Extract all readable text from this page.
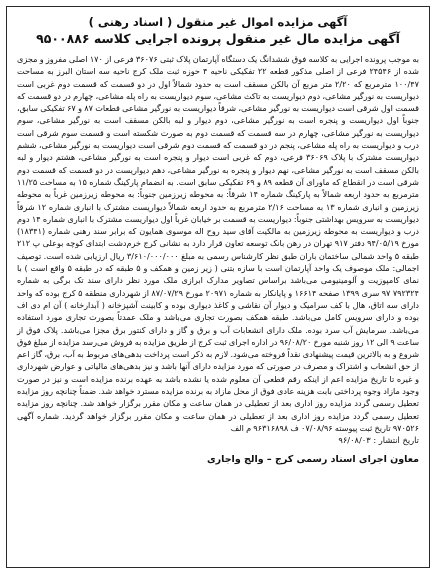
آگهی مزایده اموال غیر منقول ( اسناد رهنی )

آگهی مزایده مال غیر منقول پرونده اجرایی کلاسه ۹۵۰۰۸۸۶

به موجب پرونده اجرایی به کلاسه فوق ششدانگ یک دستگاه آپارتمان پلاک ثبتی ۳۶۰۷۶ فرعی از ۱۷۰ اصلی مفروز و مجزی شده از ۲۴۵۴۶ فرعی از اصلی مذکور قطعه ۲۲ تفکیکی ناحیه ۴ حوزه ثبت ملک کرج ناحیه سه استان البرز به مساحت ۱۰۰/۴۷ مترمربع که ۲/۲۰ متر مربع آن بالکن مسقف است به حدود شمالاً اول در دو قسمت که قسمت دوم غربی است دیواریست به نورگیر مشاعی، دوم دیواریست به تاکث مشاعی، سوم دیواریست به راه پله مشاعی، چهارم در دو قسمت که قسمت اول شرقی است دیواریست به نورگیر مشاعی، شرقاً دیواریست به نورگیر مشاعی قطعات ۸۷ و ۶۷ تفکیکی سابق، جنوباً اول دیواریست و پنجره است به نورگیر مشاعی، دوم دیوار و لبه بالکن مسقف است به نورگیر مشاعی، سوم دیواریست به نورگیر مشاعی، چهارم در سه قسمت که قسمت دوم به صورت شکسته است و قسمت سوم شرقی است درب و دیواریست به راه پله مشاعی، پنجم در دو قسمت که قسمت دوم شرقی است دیواریست به نورگیر مشاعی، ششم دیواریست مشترک با پلاک ۳۶۰۶۹ فرعی، دوم که غربی است دیوار و پنجره است به نورگیر مشاعی، هشتم دیوار و لبه بالکن مسقف است به نورگیر مشاعی، نهم دیوار و پنجره به نورگیر مشاعی، دهم دیواریست در دو قسمت که قسمت دوم شرقی است در انقطاع که ماورای آن قطعه ۸۹ و ۶۹ تفکیکی سابق است. به انضمام پارکینگ شماره ۱۵ به مساحت ۱۱/۲۵ مترمربع به حدود اربعه شمالاً به پارکینگ شماره ۱۴ شرقاً: به محوطه زیرزمین جنوباً: به محوطه زیرزمین غرباً به محوطه زیرزمین و انباری شماره ۱۳ به مساحت ۲/۱۶ مترمربع به حدود اربعه شمالاً دیواریست مشترک با انباری شماره ۱۲ شرقاً دیواریست به سرویس بهداشتی جنوباً: دیواریست به قسمت بر خیابان غرباً اول دیواریست مشترک با انباری شماره ۱۴ دوم درب و دیواریست به محوطه زیرزمین به مالکیت آقای سید روح اله موسوی همایون که برابر سند رهنی شماره (۱۸۳۴۱) مورخ ۹۴/۰۵/۱۹ دفتر ۹۱۷ تهران در رهن بانک توسعه تعاون قرار دارد به نشانی کرج خرم‌دشت ابتدای کوچه بوعلی پ ۲۱۲ طبقه ۵ واحد شمالی ساختمان باران طبق نظر کارشناس رسمی به مبلغ ۳/۶۱۰/۰۰۰/۰۰۰ ریال ارزیابی شده است. توصیف اجمالی: ملک موصوف یک واحد آپارتمان است با سازه بتنی ( زیر زمین و همکف و ۵ طبقه که در طبقه ۵ واقع است ) با نمای کامپوزیت و آلومینیومی می‌باشد براساس تصاویر مدارک ابرازی ملک مورد نظر دارای سند تک برگی به شماره ۷۹۲۳۲۴ ۹۷ سری ۱۳۹۹ صفحه ۱۶۶۱۴ و پایانکار به شماره ۲۰۹۷۱ مورخ ۸۷/۰۷/۲۹ از شهرداری منطقه ۵ کرج بوده که واحد دارای سه اتاق، هال با کف سرامیک و دیوار آن نقاشی و کاغذ دیواری بوده و کابینت آشپزخانه ( آبدارخانه ) آن ام دی اف بوده و دارای سرویس کامل می‌باشد. طبقه همکف بصورت تجاری می‌باشد و ملک عمدتاً بصورت تجاری مورد استفاده می‌باشد. سرمایش آب سرد بوده. ملک دارای انشعابات آب و برق و گاز و دارای کنتور برق مجزا می‌باشد. پلاک فوق از ساعت ۹ الی ۱۲ روز شنبه مورخ ۹۶/۰۸/۲۰ در اداره اجرای ثبت کرج از طریق مزایده به فروش می‌رسد مزایده از مبلغ فوق شروع و به بالاترین قیمت پیشنهادی نقداً فروخته می‌شود. لازم به ذکر است پرداخت بدهی‌های مربوط به آب، برق، گاز اعم از حق انشعاب و اشتراک و مصرف در صورتی که مورد مزایده دارای آنها باشد و نیز بدهی‌های مالیاتی و عوارض شهرداری و غیره تا تاریخ مزایده اعم از اینکه رقم قطعی آن معلوم شده یا نشده باشد به عهده برنده مزایده است و نیز در صورت وجود مازاد وجوه پرداختی بابت هزینه عادی فوق از محل مازاد به برنده مزایده مسترد خواهد شد. ضمناً چنانچه روز مزایده تعطیل رسمی گردد مزایده روز اداری بعد از تعطیلی در همان ساعت و مکان مقرر برگزار خواهد شد. چنانچه روز مزایده تعطیل رسمی گردد مزایده روز اداری بعد از تعطیلی در همان ساعت و مکان مقرر برگزار خواهد گردید. شماره آگهی ۹۷۰۵۲۶ تاریخ ثبت پیوسته ۰۷/۰۸/۹۶ ف ۹۶۳۱۶۸۹۸ م الف

تاریخ انتشار : ۹۶/۰۸/۰۳

معاون اجرای اسناد رسمی کرج – والج واجاری
